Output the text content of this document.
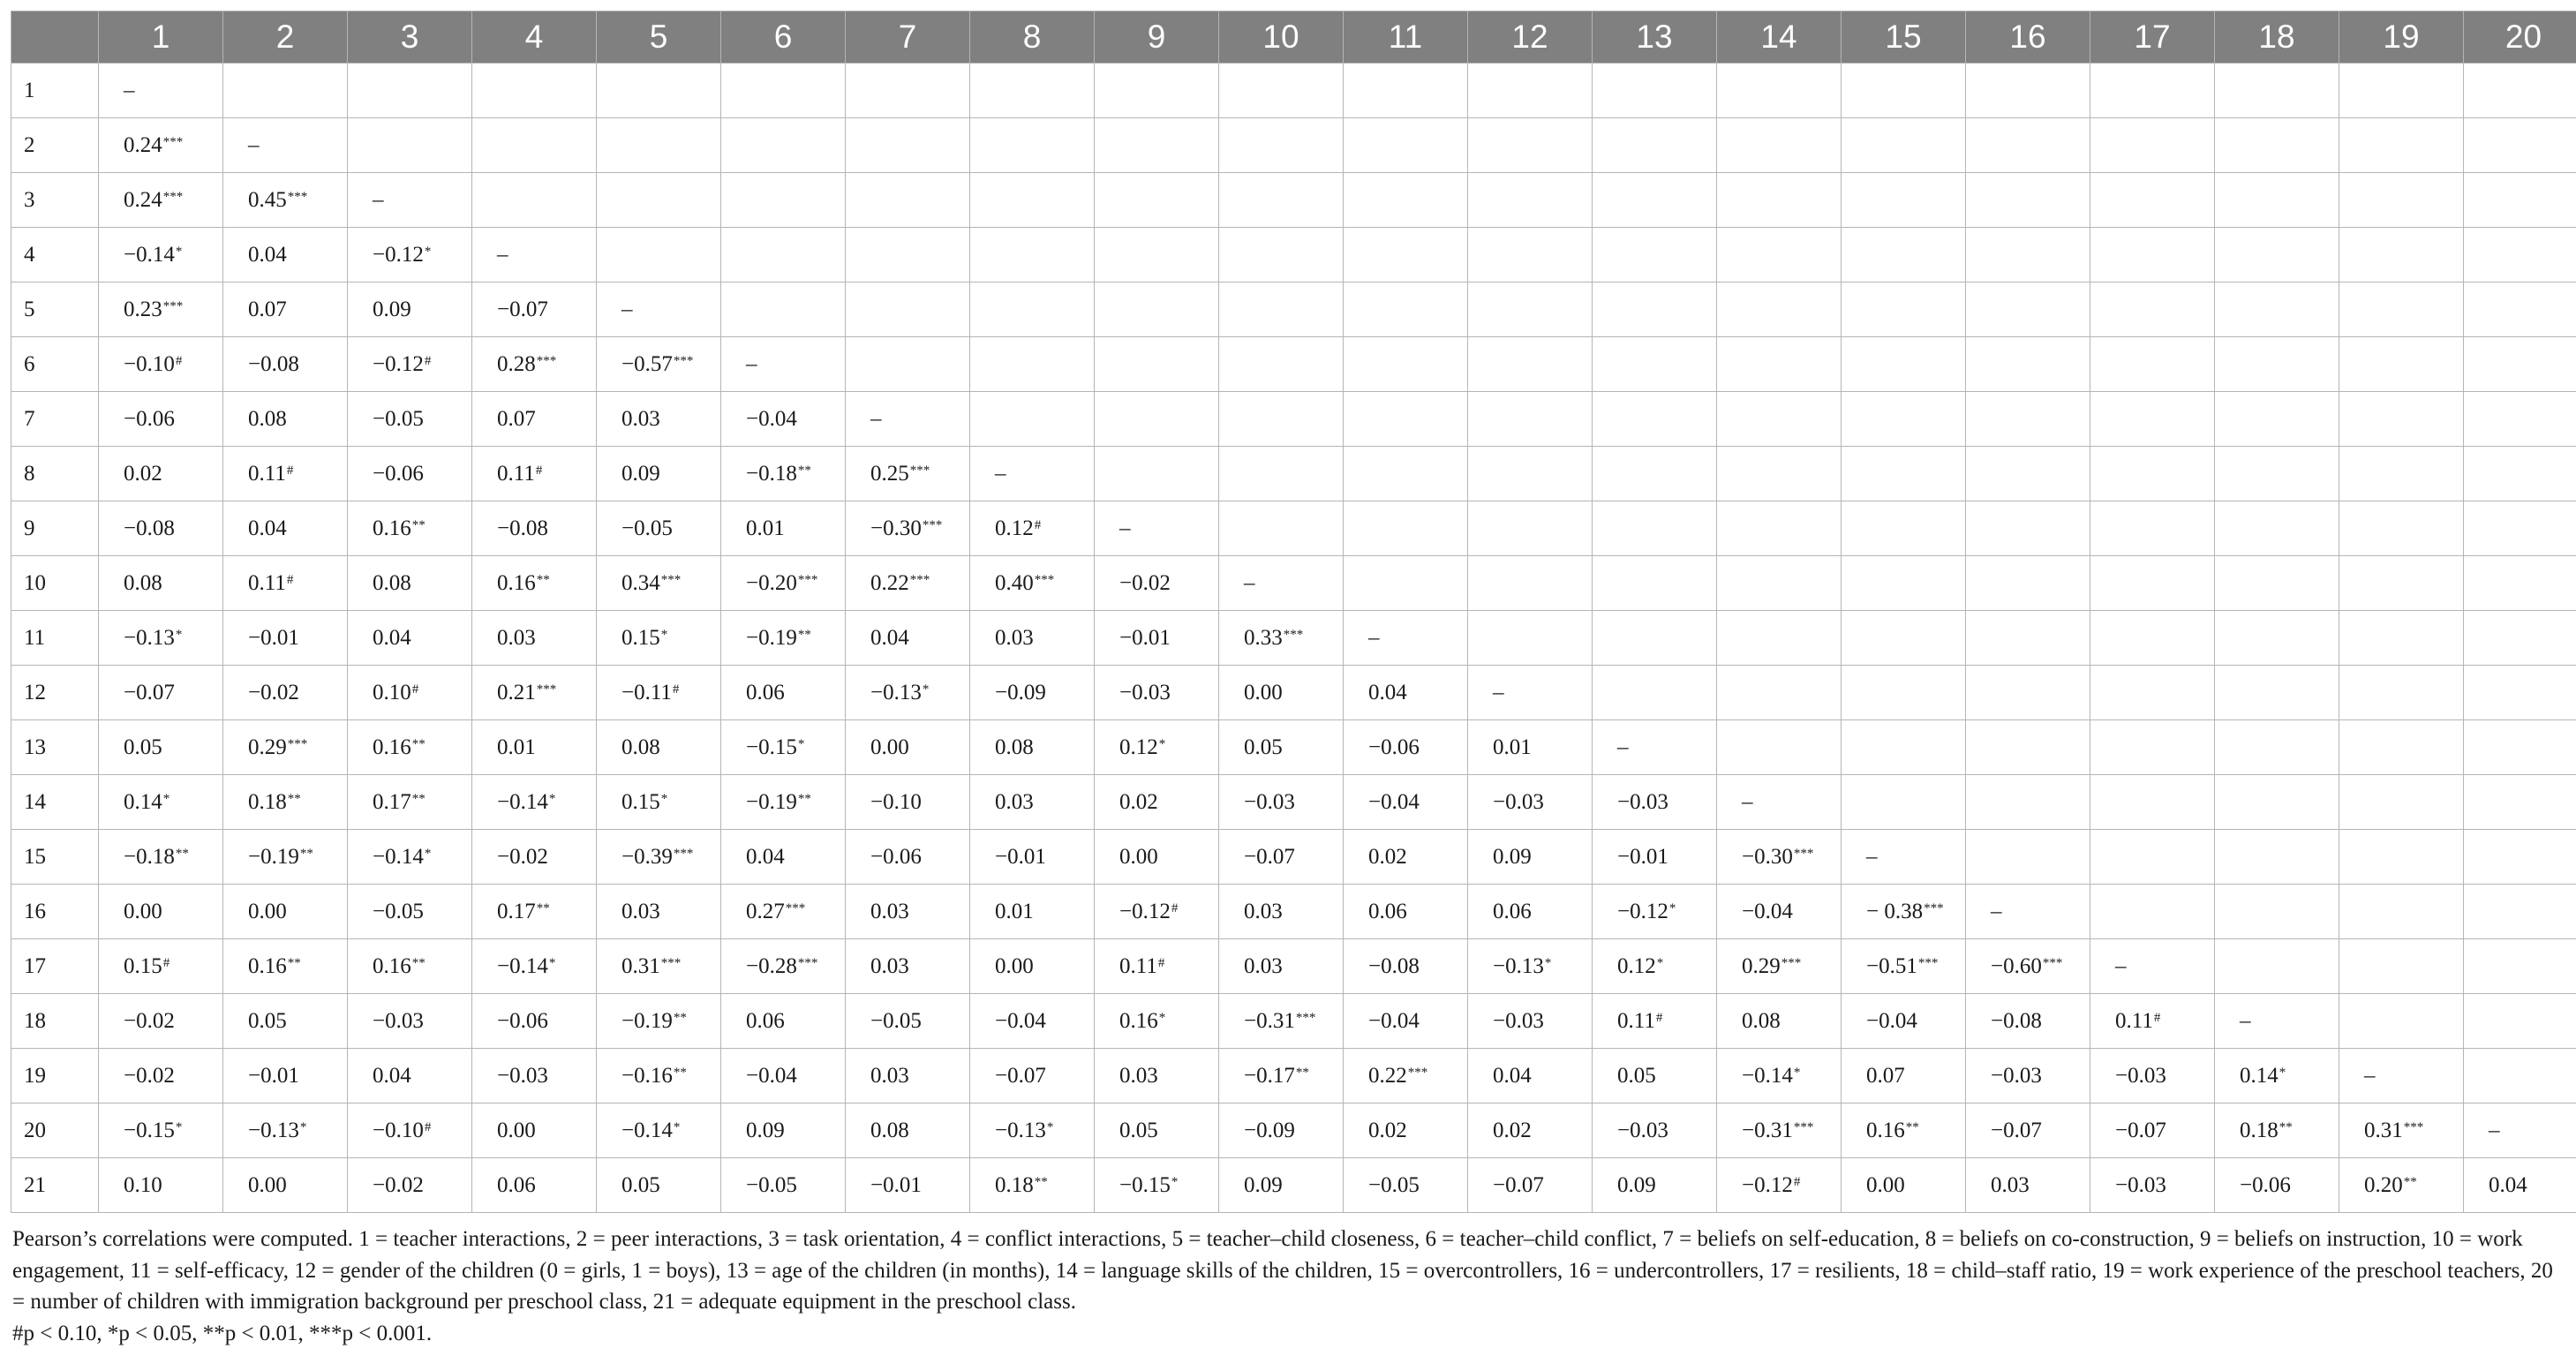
	1	2	3	4	5	6	7	8	9	10	11	12	13	14	15	16	17	18	19	20
1	–																			
2	0.24***	–																		
3	0.24***	0.45***	–																	
4	−0.14*	0.04	−0.12*	–																
5	0.23***	0.07	0.09	−0.07	–															
6	−0.10#	−0.08	−0.12#	0.28***	−0.57***	–														
7	−0.06	0.08	−0.05	0.07	0.03	−0.04	–													
8	0.02	0.11#	−0.06	0.11#	0.09	−0.18**	0.25***	–												
9	−0.08	0.04	0.16**	−0.08	−0.05	0.01	−0.30***	0.12#	–											
10	0.08	0.11#	0.08	0.16**	0.34***	−0.20***	0.22***	0.40***	−0.02	–										
11	−0.13*	−0.01	0.04	0.03	0.15*	−0.19**	0.04	0.03	−0.01	0.33***	–									
12	−0.07	−0.02	0.10#	0.21***	−0.11#	0.06	−0.13*	−0.09	−0.03	0.00	0.04	–								
13	0.05	0.29***	0.16**	0.01	0.08	−0.15*	0.00	0.08	0.12*	0.05	−0.06	0.01	–							
14	0.14*	0.18**	0.17**	−0.14*	0.15*	−0.19**	−0.10	0.03	0.02	−0.03	−0.04	−0.03	−0.03	–						
15	−0.18**	−0.19**	−0.14*	−0.02	−0.39***	0.04	−0.06	−0.01	0.00	−0.07	0.02	0.09	−0.01	−0.30***	–					
16	0.00	0.00	−0.05	0.17**	0.03	0.27***	0.03	0.01	−0.12#	0.03	0.06	0.06	−0.12*	−0.04	− 0.38***	–				
17	0.15#	0.16**	0.16**	−0.14*	0.31***	−0.28***	0.03	0.00	0.11#	0.03	−0.08	−0.13*	0.12*	0.29***	−0.51***	−0.60***	–			
18	−0.02	0.05	−0.03	−0.06	−0.19**	0.06	−0.05	−0.04	0.16*	−0.31***	−0.04	−0.03	0.11#	0.08	−0.04	−0.08	0.11#	–		
19	−0.02	−0.01	0.04	−0.03	−0.16**	−0.04	0.03	−0.07	0.03	−0.17**	0.22***	0.04	0.05	−0.14*	0.07	−0.03	−0.03	0.14*	–	
20	−0.15*	−0.13*	−0.10#	0.00	−0.14*	0.09	0.08	−0.13*	0.05	−0.09	0.02	0.02	−0.03	−0.31***	0.16**	−0.07	−0.07	0.18**	0.31***	–
21	0.10	0.00	−0.02	0.06	0.05	−0.05	−0.01	0.18**	−0.15*	0.09	−0.05	−0.07	0.09	−0.12#	0.00	0.03	−0.03	−0.06	0.20**	0.04

Pearson’s correlations were computed. 1 = teacher interactions, 2 = peer interactions, 3 = task orientation, 4 = conflict interactions, 5 = teacher–child closeness, 6 = teacher–child conflict, 7 = beliefs on self-education, 8 = beliefs on co-construction, 9 = beliefs on instruction, 10 = work engagement, 11 = self-efficacy, 12 = gender of the children (0 = girls, 1 = boys), 13 = age of the children (in months), 14 = language skills of the children, 15 = overcontrollers, 16 = undercontrollers, 17 = resilients, 18 = child–staff ratio, 19 = work experience of the preschool teachers, 20 = number of children with immigration background per preschool class, 21 = adequate equipment in the preschool class.

#p < 0.10, *p < 0.05, **p < 0.01, ***p < 0.001.
